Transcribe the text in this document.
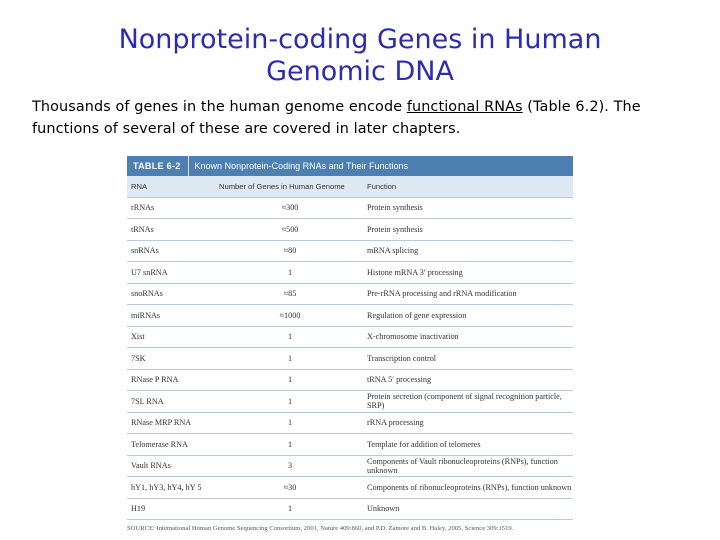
Nonprotein-coding Genes in Human
Genomic DNA
Thousands of genes in the human genome encode functional RNAs (Table 6.2). The functions of several of these are covered in later chapters.
TABLE 6-2	Known Nonprotein-Coding RNAs and Their Functions
RNA	Number of Genes in Human Genome	Function
rRNAs	≈300	Protein synthesis
tRNAs	≈500	Protein synthesis
snRNAs	≈80	mRNA splicing
U7 snRNA	1	Histone mRNA 3′ processing
snoRNAs	≈85	Pre-rRNA processing and rRNA modification
miRNAs	≈1000	Regulation of gene expression
Xist	1	X-chromosome inactivation
7SK	1	Transcription control
RNase P RNA	1	tRNA 5′ processing
7SL RNA	1	Protein secretion (component of signal recognition particle, SRP)
RNase MRP RNA	1	rRNA processing
Telomerase RNA	1	Template for addition of telomeres
Vault RNAs	3	Components of Vault ribonucleoproteins (RNPs), function unknown
hY1, hY3, hY4, hY 5	≈30	Components of ribonucleoproteins (RNPs), function unknown
H19	1	Unknown
SOURCE: International Human Genome Sequencing Consortium, 2001, Nature 409:860, and P.D. Zamore and B. Haley, 2005, Science 309:1519.
